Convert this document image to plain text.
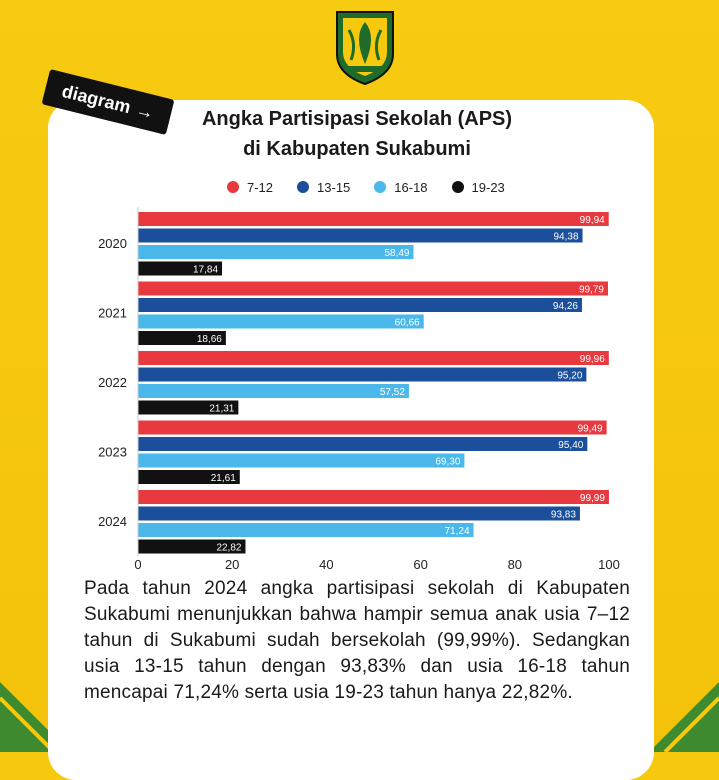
diagram →	Angka Partisipasi Sekolah (APS)
di Kabupaten Sukabumi
7-12	13-15	16-18	19-23
2020
99,94
94,38
58,49
17,84
2021
99,79
94,26
60,66
18,66
2022
99,96
95,20
57,52
21,31
2023
99,49
95,40
69,30
21,61
2024
99,99
93,83
71,24
22,82
0	20	40	60	80	100

Pada tahun 2024 angka partisipasi sekolah di Kabupaten Sukabumi menunjukkan bahwa hampir semua anak usia 7–12 tahun di Sukabumi sudah bersekolah (99,99%). Sedangkan usia 13-15 tahun dengan 93,83% dan usia 16-18 tahun mencapai 71,24% serta usia 19-23 tahun hanya 22,82%.
